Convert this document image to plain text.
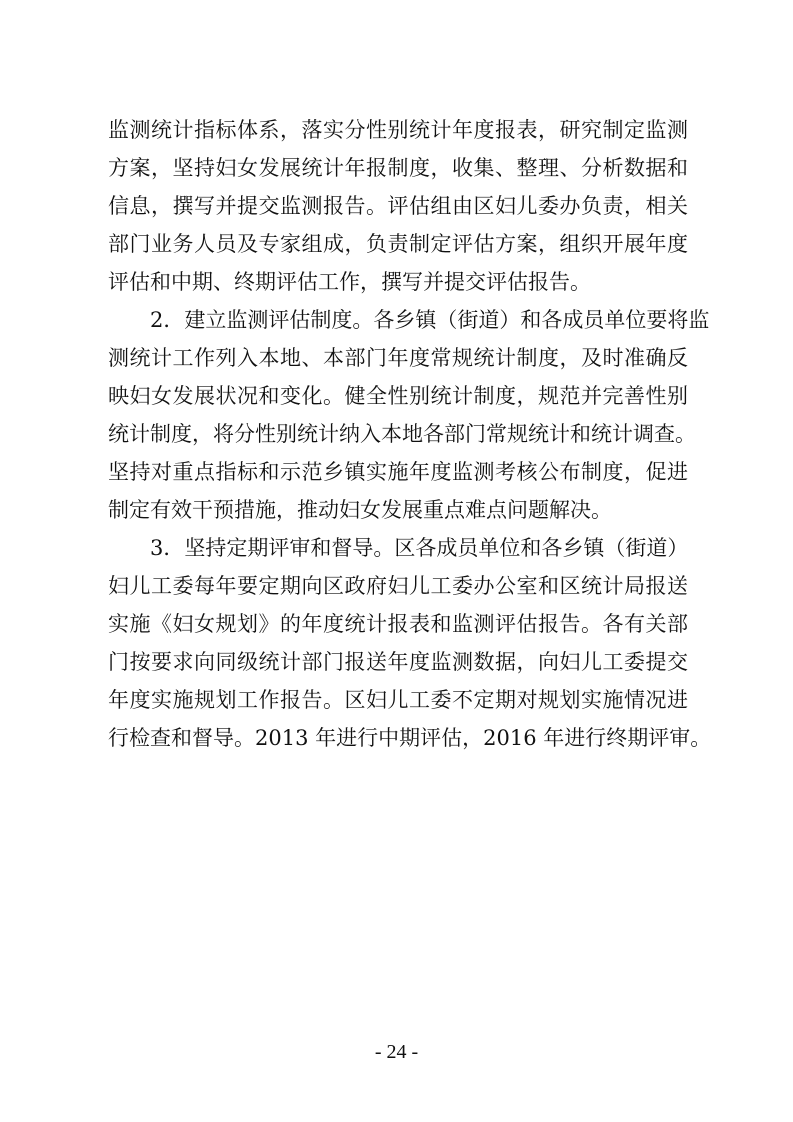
监测统计指标体系，落实分性别统计年度报表，研究制定监测

方案，坚持妇女发展统计年报制度，收集、整理、分析数据和

信息，撰写并提交监测报告。评估组由区妇儿委办负责，相关

部门业务人员及专家组成，负责制定评估方案，组织开展年度

评估和中期、终期评估工作，撰写并提交评估报告。

2．建立监测评估制度。各乡镇（街道）和各成员单位要将监

测统计工作列入本地、本部门年度常规统计制度，及时准确反

映妇女发展状况和变化。健全性别统计制度，规范并完善性别

统计制度，将分性别统计纳入本地各部门常规统计和统计调查。

坚持对重点指标和示范乡镇实施年度监测考核公布制度，促进

制定有效干预措施，推动妇女发展重点难点问题解决。

3．坚持定期评审和督导。区各成员单位和各乡镇（街道）

妇儿工委每年要定期向区政府妇儿工委办公室和区统计局报送

实施《妇女规划》的年度统计报表和监测评估报告。各有关部

门按要求向同级统计部门报送年度监测数据，向妇儿工委提交

年度实施规划工作报告。区妇儿工委不定期对规划实施情况进

行检查和督导。2013 年进行中期评估，2016 年进行终期评审。

- 24 -
